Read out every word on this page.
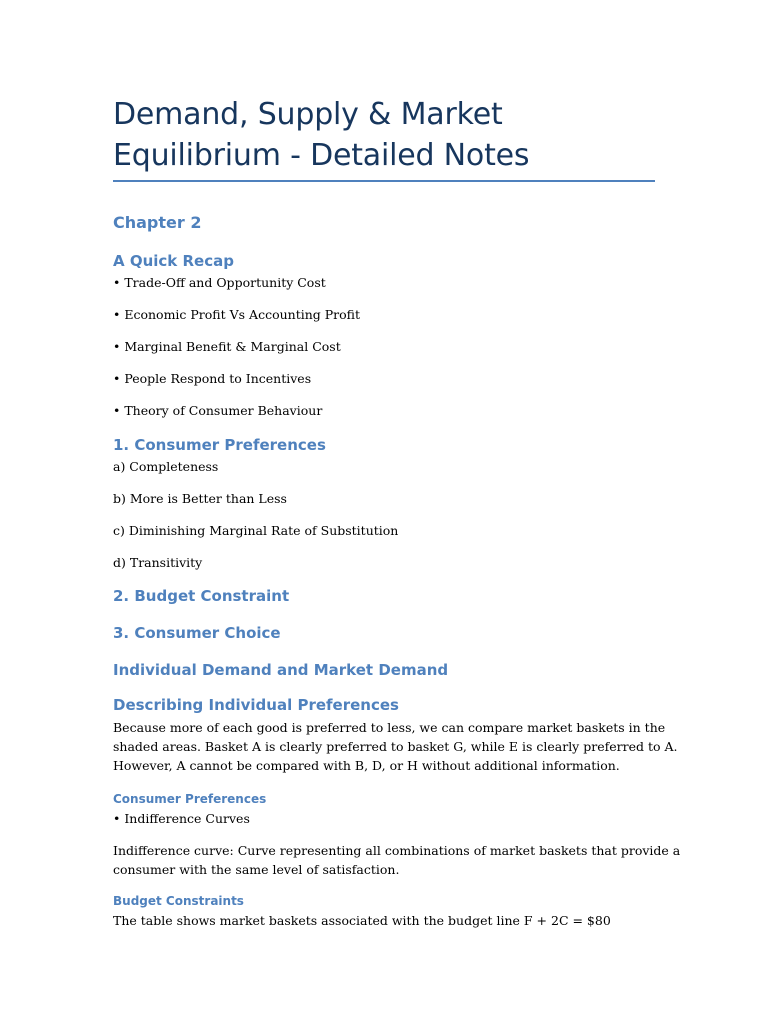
Demand, Supply & Market Equilibrium - Detailed Notes
Chapter 2
A Quick Recap
• Trade-Off and Opportunity Cost
• Economic Profit Vs Accounting Profit
• Marginal Benefit & Marginal Cost
• People Respond to Incentives
• Theory of Consumer Behaviour
1. Consumer Preferences
a) Completeness
b) More is Better than Less
c) Diminishing Marginal Rate of Substitution
d) Transitivity
2. Budget Constraint
3. Consumer Choice
Individual Demand and Market Demand
Describing Individual Preferences
Because more of each good is preferred to less, we can compare market baskets in the
shaded areas. Basket A is clearly preferred to basket G, while E is clearly preferred to A.
However, A cannot be compared with B, D, or H without additional information.
Consumer Preferences
• Indifference Curves
Indifference curve: Curve representing all combinations of market baskets that provide a
consumer with the same level of satisfaction.
Budget Constraints
The table shows market baskets associated with the budget line F + 2C = $80
